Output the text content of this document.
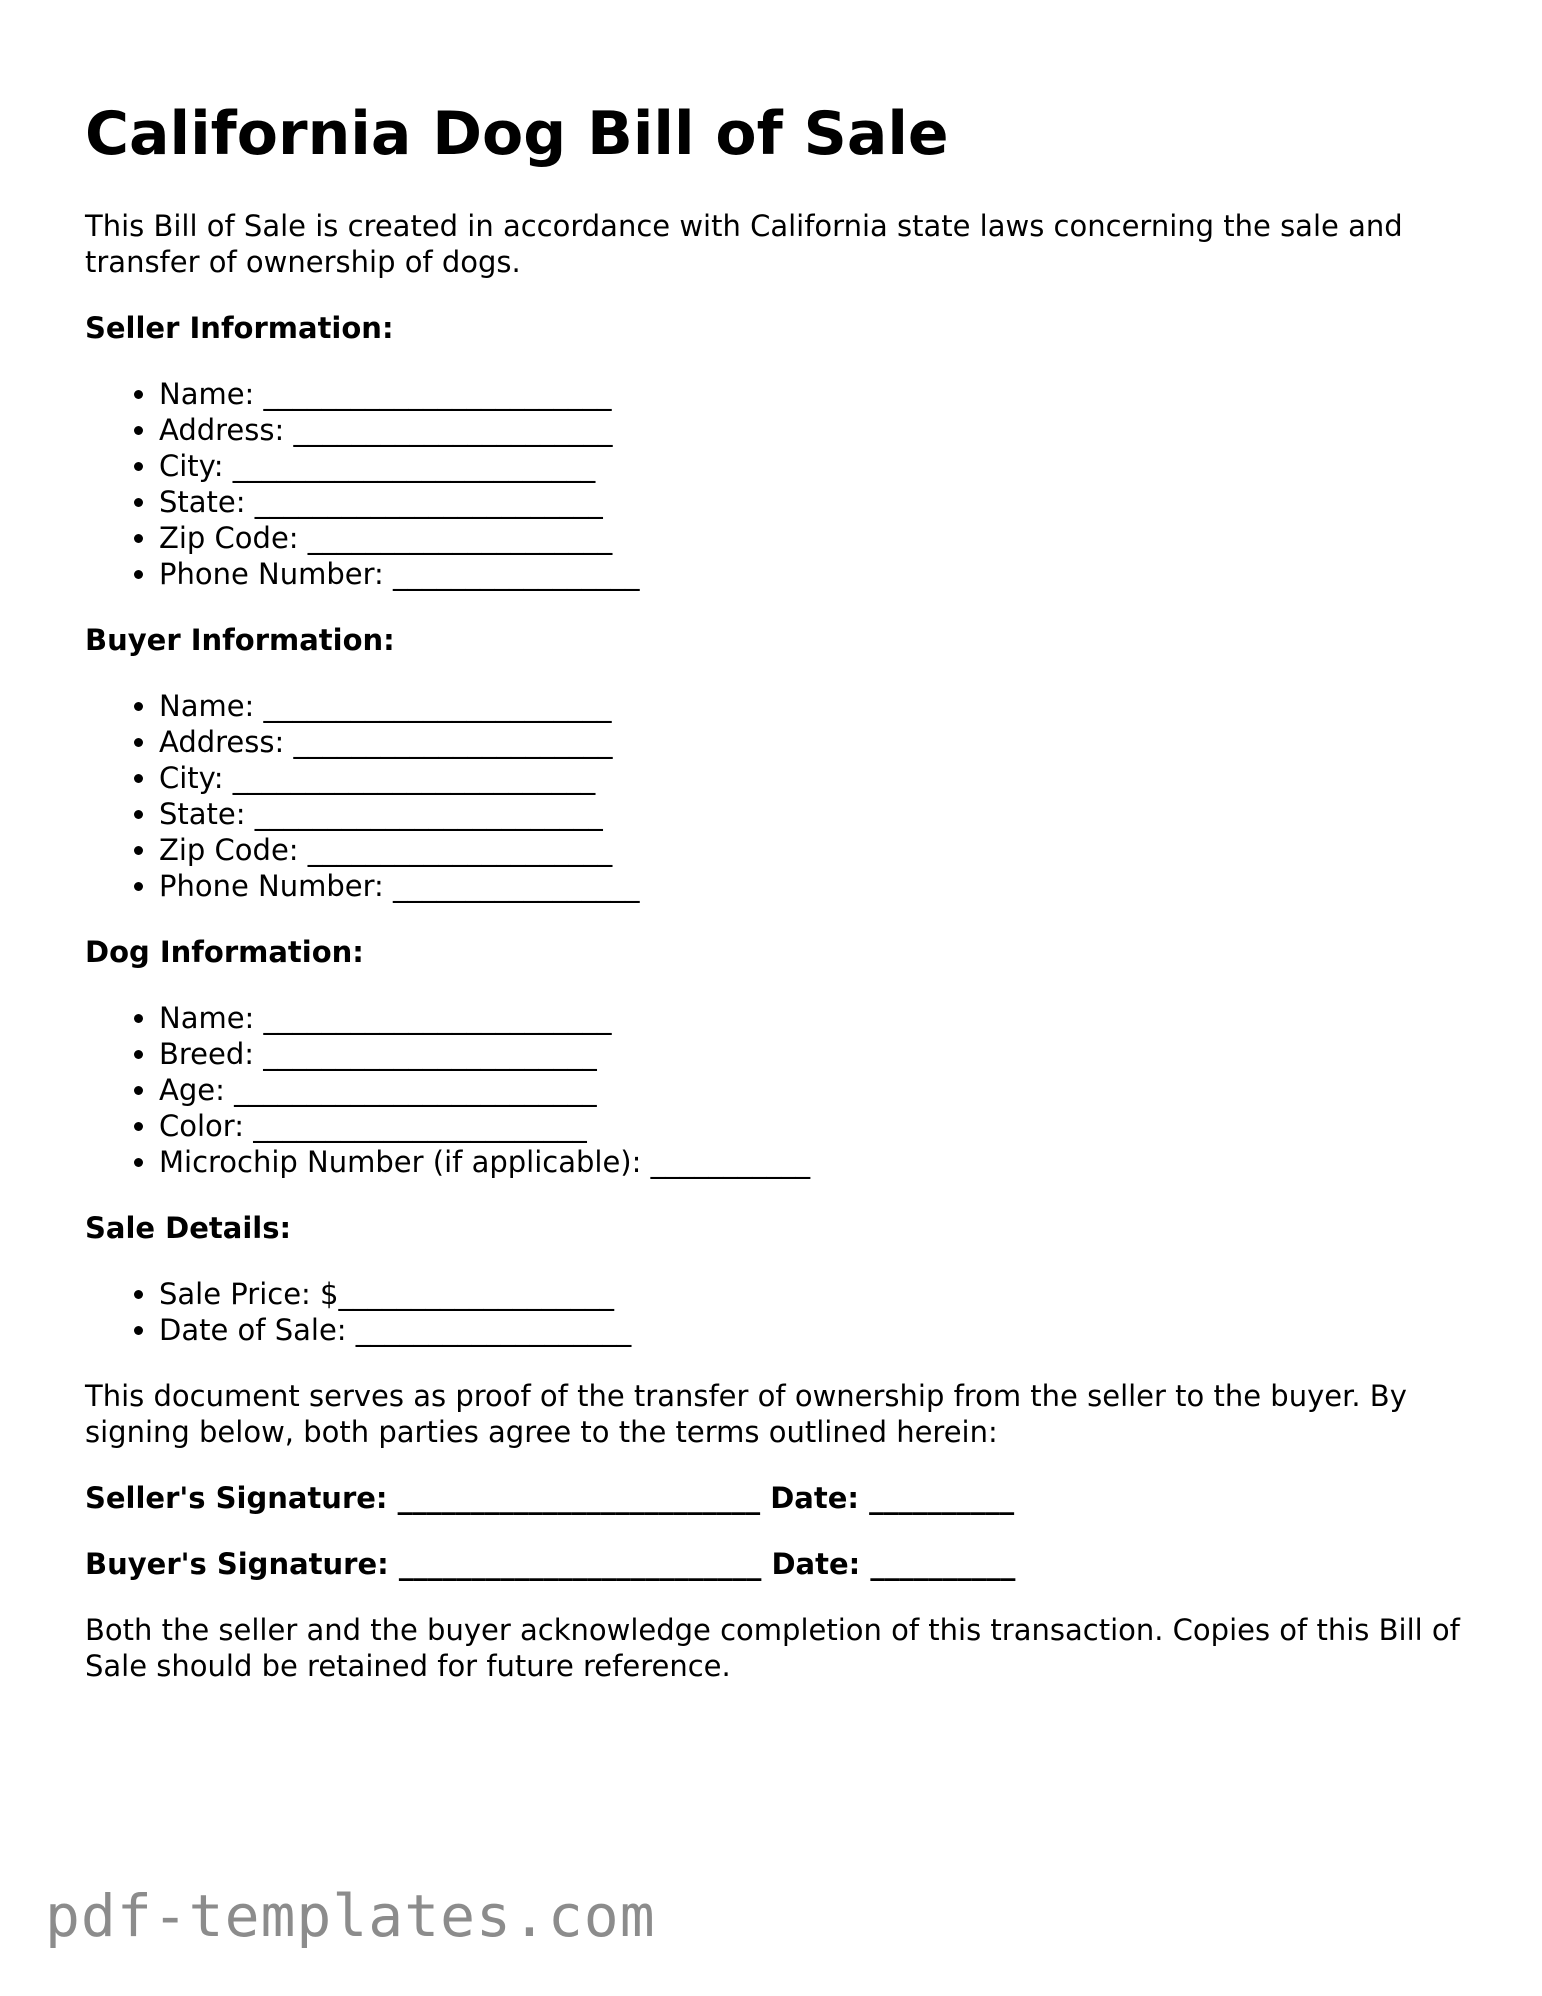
California Dog Bill of Sale

This Bill of Sale is created in accordance with California state laws concerning the sale and transfer of ownership of dogs.

Seller Information:
• Name: ________________________
• Address: ______________________
• City: _________________________
• State: ________________________
• Zip Code: _____________________
• Phone Number: _________________
Buyer Information:
• Name: ________________________
• Address: ______________________
• City: _________________________
• State: ________________________
• Zip Code: _____________________
• Phone Number: _________________
Dog Information:
• Name: ________________________
• Breed: _______________________
• Age: _________________________
• Color: _______________________
• Microchip Number (if applicable): ___________
Sale Details:
• Sale Price: $___________________
• Date of Sale: ___________________

This document serves as proof of the transfer of ownership from the seller to the buyer. By signing below, both parties agree to the terms outlined herein:

Seller's Signature: _________________________ Date: __________
Buyer's Signature: _________________________ Date: __________

Both the seller and the buyer acknowledge completion of this transaction. Copies of this Bill of Sale should be retained for future reference.

pdf-templates.com
